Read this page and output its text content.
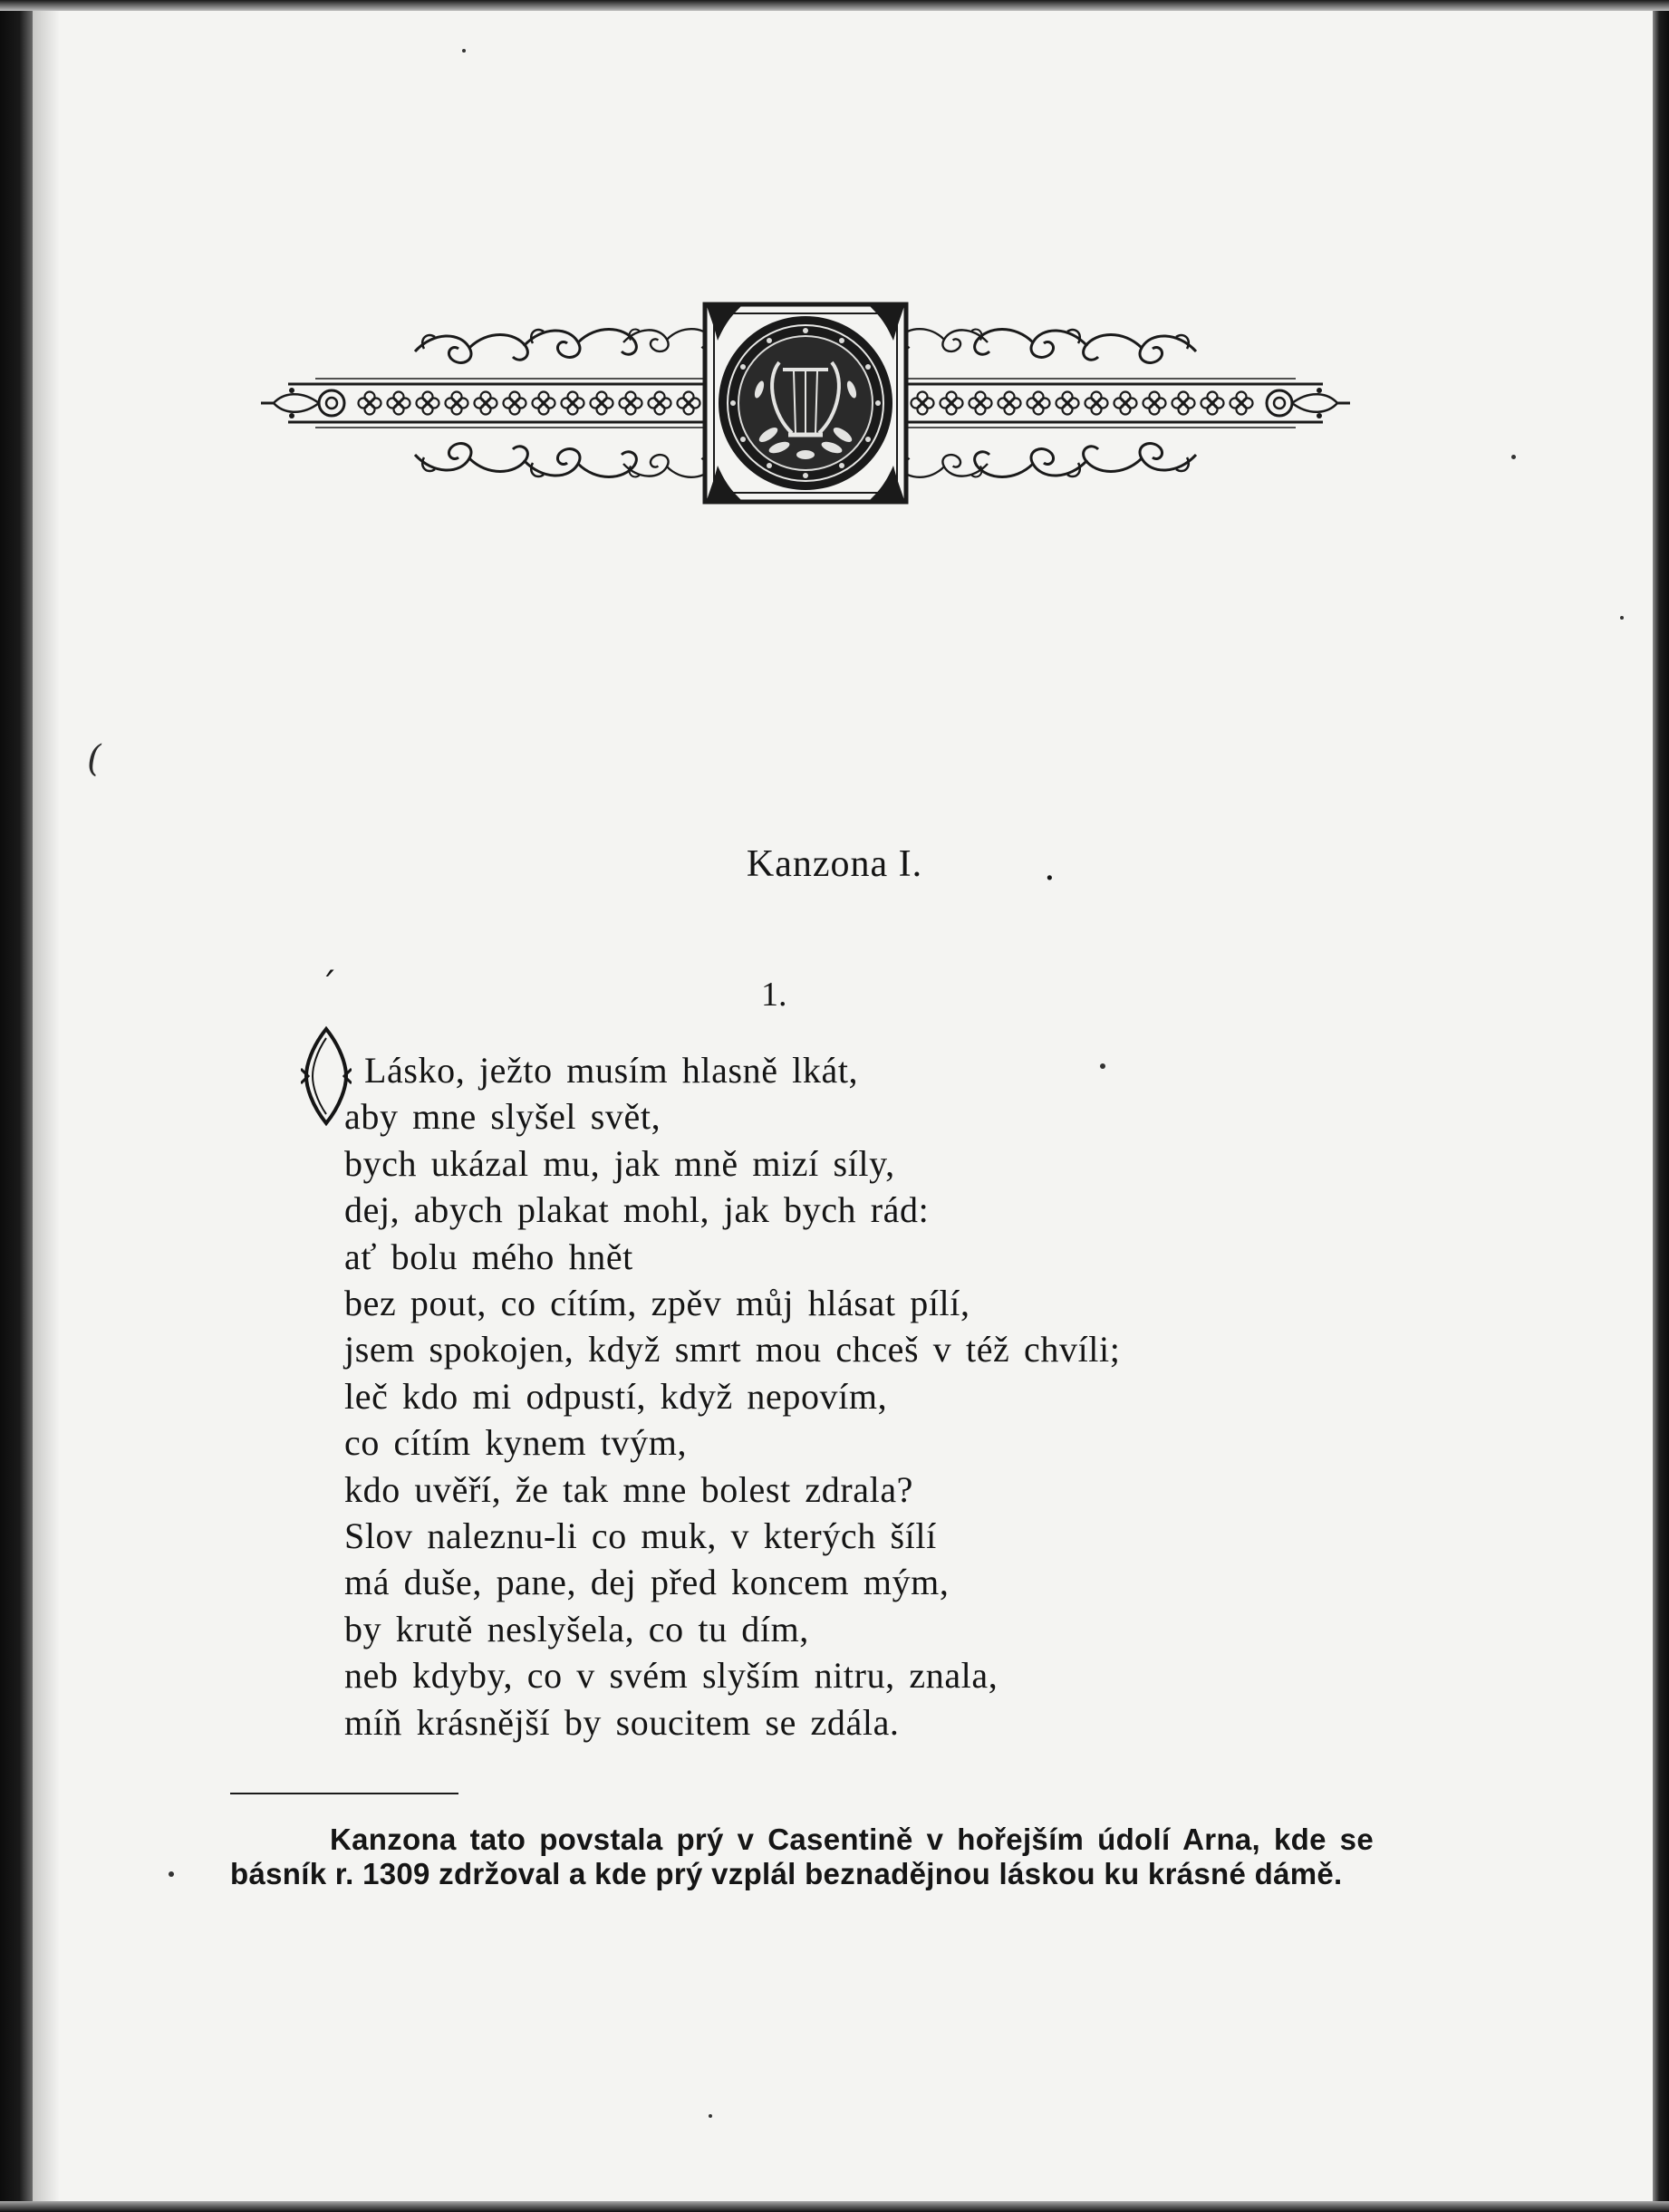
(
Kanzona I.	.
1.
´
Lásko, ježto musím hlasně lkát,
aby mne slyšel svět,
bych ukázal mu, jak mně mizí síly,
dej, abych plakat mohl, jak bych rád:
ať bolu mého hnět
bez pout, co cítím, zpěv můj hlásat pílí,
jsem spokojen, když smrt mou chceš v též chvíli;
leč kdo mi odpustí, když nepovím,
co cítím kynem tvým,
kdo uvěří, že tak mne bolest zdrala?
Slov naleznu-li co muk, v kterých šílí
má duše, pane, dej před koncem mým,
by krutě neslyšela, co tu dím,
neb kdyby, co v svém slyším nitru, znala,
míň krásnější by soucitem se zdála.
Kanzona tato povstala prý v Casentině v hořejším údolí Arna, kde se básník r. 1309 zdržoval a kde prý vzplál beznadějnou láskou ku krásné dámě.
